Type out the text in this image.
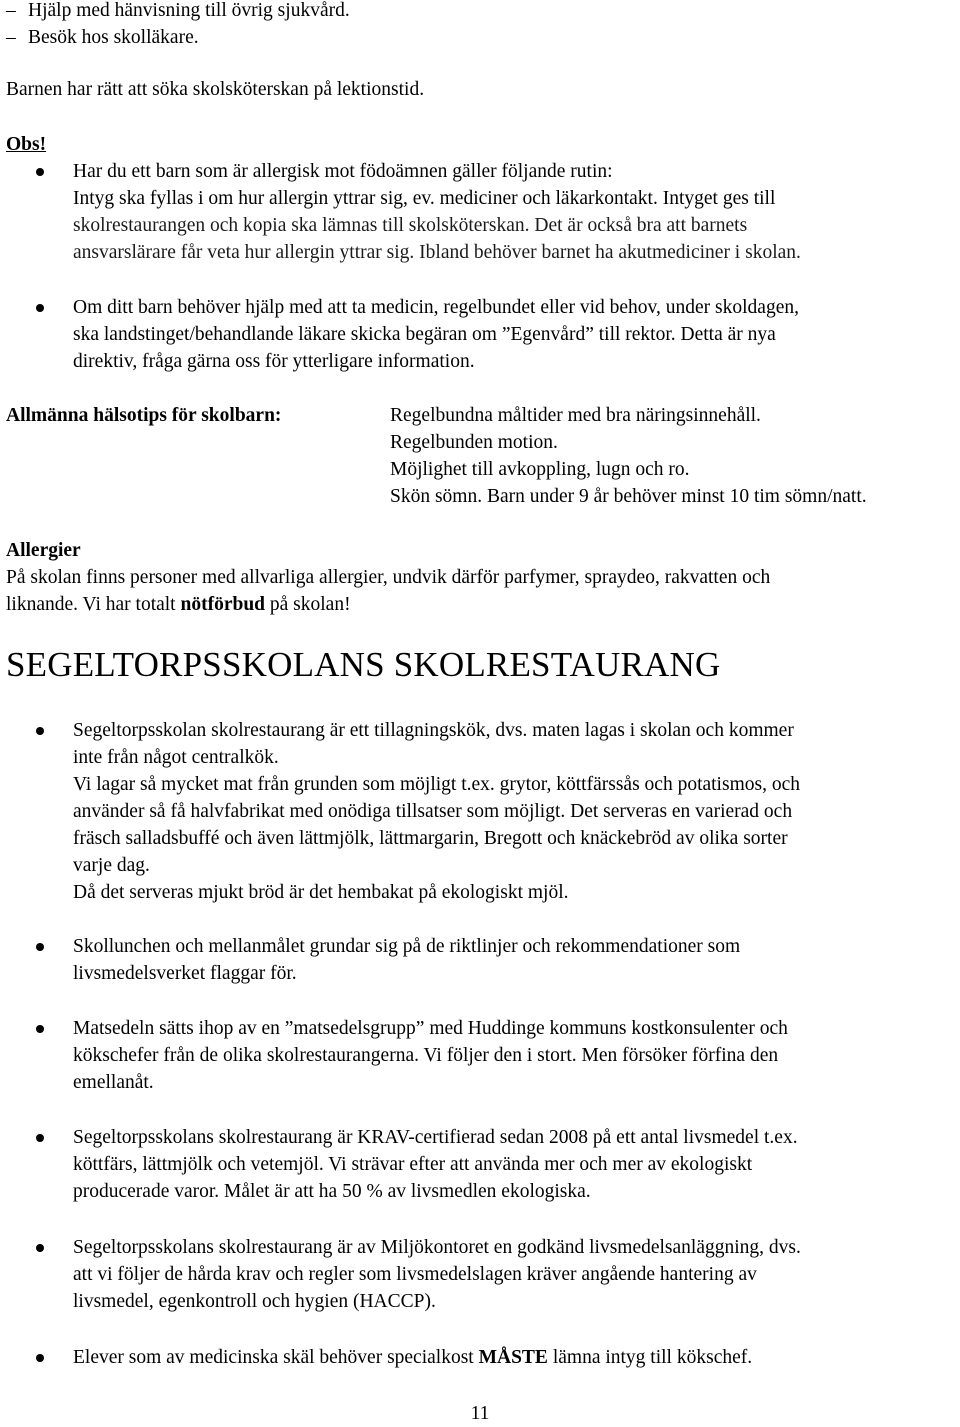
– Hjälp med hänvisning till övrig sjukvård.
– Besök hos skolläkare.
Barnen har rätt att söka skolsköterskan på lektionstid.
Obs!
Har du ett barn som är allergisk mot födoämnen gäller följande rutin:
Intyg ska fyllas i om hur allergin yttrar sig, ev. mediciner och läkarkontakt. Intyget ges till
skolrestaurangen och kopia ska lämnas till skolsköterskan. Det är också bra att barnets
ansvarslärare får veta hur allergin yttrar sig. Ibland behöver barnet ha akutmediciner i skolan.
Om ditt barn behöver hjälp med att ta medicin, regelbundet eller vid behov, under skoldagen,
ska landstinget/behandlande läkare skicka begäran om ”Egenvård” till rektor. Detta är nya
direktiv, fråga gärna oss för ytterligare information.
Allmänna hälsotips för skolbarn:	Regelbundna måltider med bra näringsinnehåll.
Regelbunden motion.
Möjlighet till avkoppling, lugn och ro.
Skön sömn. Barn under 9 år behöver minst 10 tim sömn/natt.
Allergier
På skolan finns personer med allvarliga allergier, undvik därför parfymer, spraydeo, rakvatten och
liknande. Vi har totalt nötförbud på skolan!
SEGELTORPSSKOLANS SKOLRESTAURANG
Segeltorpsskolan skolrestaurang är ett tillagningskök, dvs. maten lagas i skolan och kommer
inte från något centralkök.
Vi lagar så mycket mat från grunden som möjligt t.ex. grytor, köttfärssås och potatismos, och
använder så få halvfabrikat med onödiga tillsatser som möjligt. Det serveras en varierad och
fräsch salladsbuffé och även lättmjölk, lättmargarin, Bregott och knäckebröd av olika sorter
varje dag.
Då det serveras mjukt bröd är det hembakat på ekologiskt mjöl.
Skollunchen och mellanmålet grundar sig på de riktlinjer och rekommendationer som
livsmedelsverket flaggar för.
Matsedeln sätts ihop av en ”matsedelsgrupp” med Huddinge kommuns kostkonsulenter och
kökschefer från de olika skolrestaurangerna. Vi följer den i stort. Men försöker förfina den
emellanåt.
Segeltorpsskolans skolrestaurang är KRAV-certifierad sedan 2008 på ett antal livsmedel t.ex.
köttfärs, lättmjölk och vetemjöl. Vi strävar efter att använda mer och mer av ekologiskt
producerade varor. Målet är att ha 50 % av livsmedlen ekologiska.
Segeltorpsskolans skolrestaurang är av Miljökontoret en godkänd livsmedelsanläggning, dvs.
att vi följer de hårda krav och regler som livsmedelslagen kräver angående hantering av
livsmedel, egenkontroll och hygien (HACCP).
Elever som av medicinska skäl behöver specialkost MÅSTE lämna intyg till kökschef.
11
